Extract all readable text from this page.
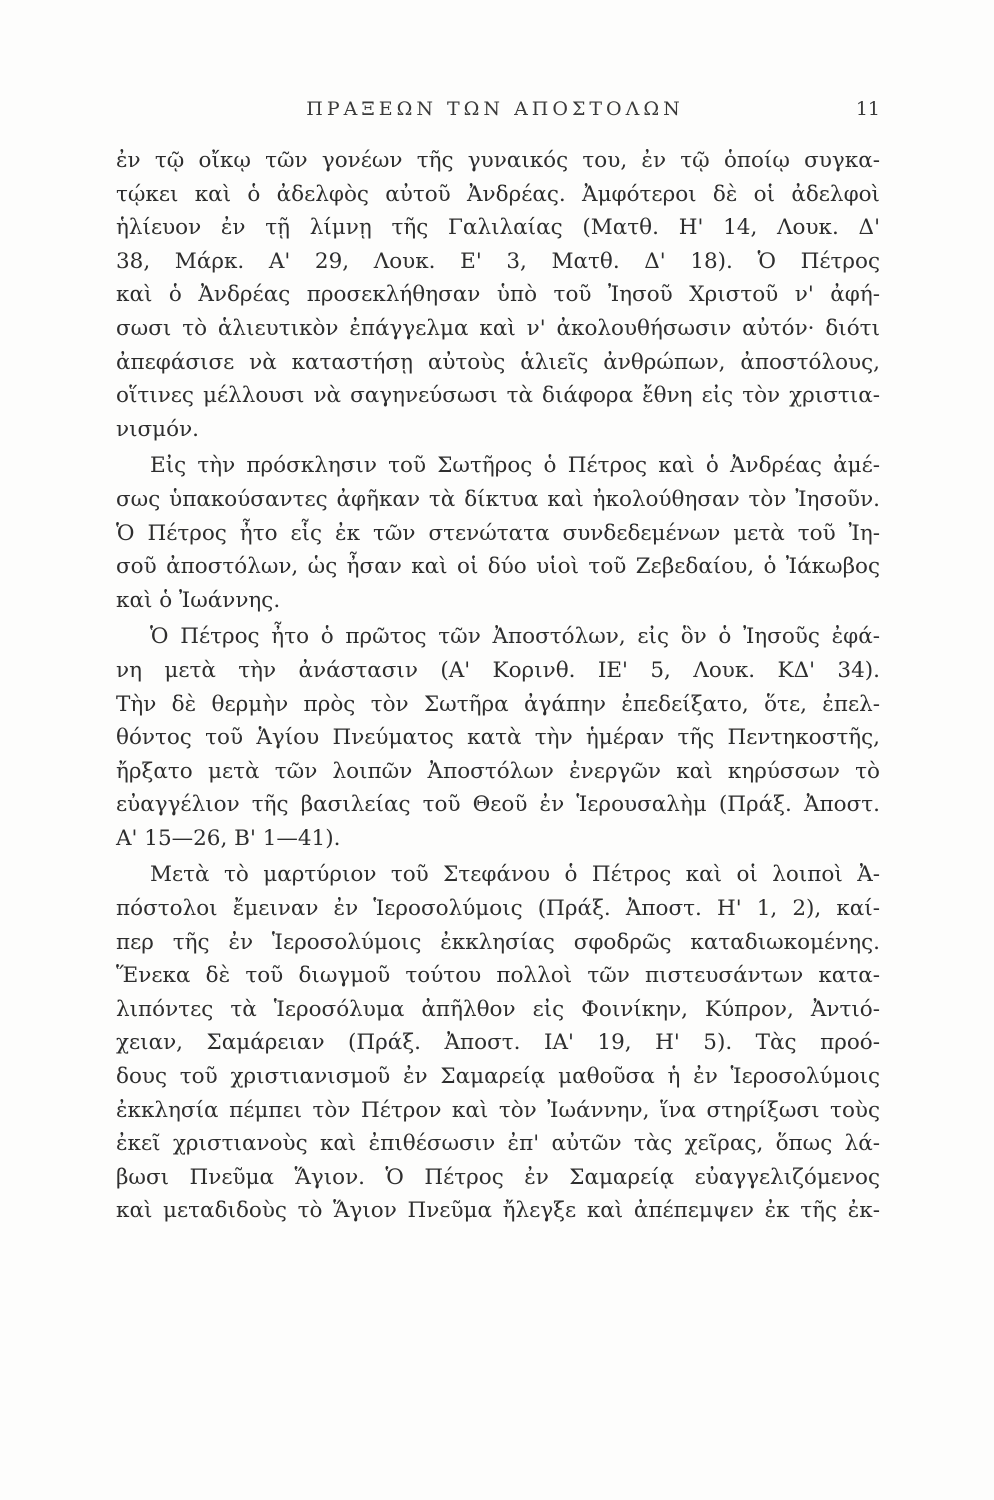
ΠΡΑΞΕΩΝ ΤΩΝ ΑΠΟΣΤΟΛΩΝ	11
ἐν τῷ οἴκῳ τῶν γονέων τῆς γυναικός του, ἐν τῷ ὁποίῳ συγκα-
τῴκει καὶ ὁ ἀδελφὸς αὐτοῦ Ἀνδρέας. Ἀμφότεροι δὲ οἱ ἀδελφοὶ
ἡλίευον ἐν τῇ λίμνῃ τῆς Γαλιλαίας (Ματθ. Η' 14, Λουκ. Δ'
38, Μάρκ. Α' 29, Λουκ. Ε' 3, Ματθ. Δ' 18). Ὁ Πέτρος
καὶ ὁ Ἀνδρέας προσεκλήθησαν ὑπὸ τοῦ Ἰησοῦ Χριστοῦ ν' ἀφή-
σωσι τὸ ἁλιευτικὸν ἐπάγγελμα καὶ ν' ἀκολουθήσωσιν αὐτόν· διότι
ἀπεφάσισε νὰ καταστήσῃ αὐτοὺς ἁλιεῖς ἀνθρώπων, ἀποστόλους,
οἵτινες μέλλουσι νὰ σαγηνεύσωσι τὰ διάφορα ἔθνη εἰς τὸν χριστια-
νισμόν.
Εἰς τὴν πρόσκλησιν τοῦ Σωτῆρος ὁ Πέτρος καὶ ὁ Ἀνδρέας ἀμέ-
σως ὑπακούσαντες ἀφῆκαν τὰ δίκτυα καὶ ἠκολούθησαν τὸν Ἰησοῦν.
Ὁ Πέτρος ἦτο εἷς ἐκ τῶν στενώτατα συνδεδεμένων μετὰ τοῦ Ἰη-
σοῦ ἀποστόλων, ὡς ἦσαν καὶ οἱ δύο υἱοὶ τοῦ Ζεβεδαίου, ὁ Ἰάκωβος
καὶ ὁ Ἰωάννης.
Ὁ Πέτρος ἦτο ὁ πρῶτος τῶν Ἀποστόλων, εἰς ὃν ὁ Ἰησοῦς ἐφά-
νη μετὰ τὴν ἀνάστασιν (Α' Κορινθ. ΙΕ' 5, Λουκ. ΚΔ' 34).
Τὴν δὲ θερμὴν πρὸς τὸν Σωτῆρα ἀγάπην ἐπεδείξατο, ὅτε, ἐπελ-
θόντος τοῦ Ἁγίου Πνεύματος κατὰ τὴν ἡμέραν τῆς Πεντηκοστῆς,
ἤρξατο μετὰ τῶν λοιπῶν Ἀποστόλων ἐνεργῶν καὶ κηρύσσων τὸ
εὐαγγέλιον τῆς βασιλείας τοῦ Θεοῦ ἐν Ἱερουσαλὴμ (Πράξ. Ἀποστ.
Α' 15—26, Β' 1—41).
Μετὰ τὸ μαρτύριον τοῦ Στεφάνου ὁ Πέτρος καὶ οἱ λοιποὶ Ἀ-
πόστολοι ἔμειναν ἐν Ἱεροσολύμοις (Πράξ. Ἀποστ. Η' 1, 2), καί-
περ τῆς ἐν Ἱεροσολύμοις ἐκκλησίας σφοδρῶς καταδιωκομένης.
Ἕνεκα δὲ τοῦ διωγμοῦ τούτου πολλοὶ τῶν πιστευσάντων κατα-
λιπόντες τὰ Ἱεροσόλυμα ἀπῆλθον εἰς Φοινίκην, Κύπρον, Ἀντιό-
χειαν, Σαμάρειαν (Πράξ. Ἀποστ. ΙΑ' 19, Η' 5). Τὰς προό-
δους τοῦ χριστιανισμοῦ ἐν Σαμαρείᾳ μαθοῦσα ἡ ἐν Ἱεροσολύμοις
ἐκκλησία πέμπει τὸν Πέτρον καὶ τὸν Ἰωάννην, ἵνα στηρίξωσι τοὺς
ἐκεῖ χριστιανοὺς καὶ ἐπιθέσωσιν ἐπ' αὐτῶν τὰς χεῖρας, ὅπως λά-
βωσι Πνεῦμα Ἅγιον. Ὁ Πέτρος ἐν Σαμαρείᾳ εὐαγγελιζόμενος
καὶ μεταδιδοὺς τὸ Ἅγιον Πνεῦμα ἤλεγξε καὶ ἀπέπεμψεν ἐκ τῆς ἐκ-
